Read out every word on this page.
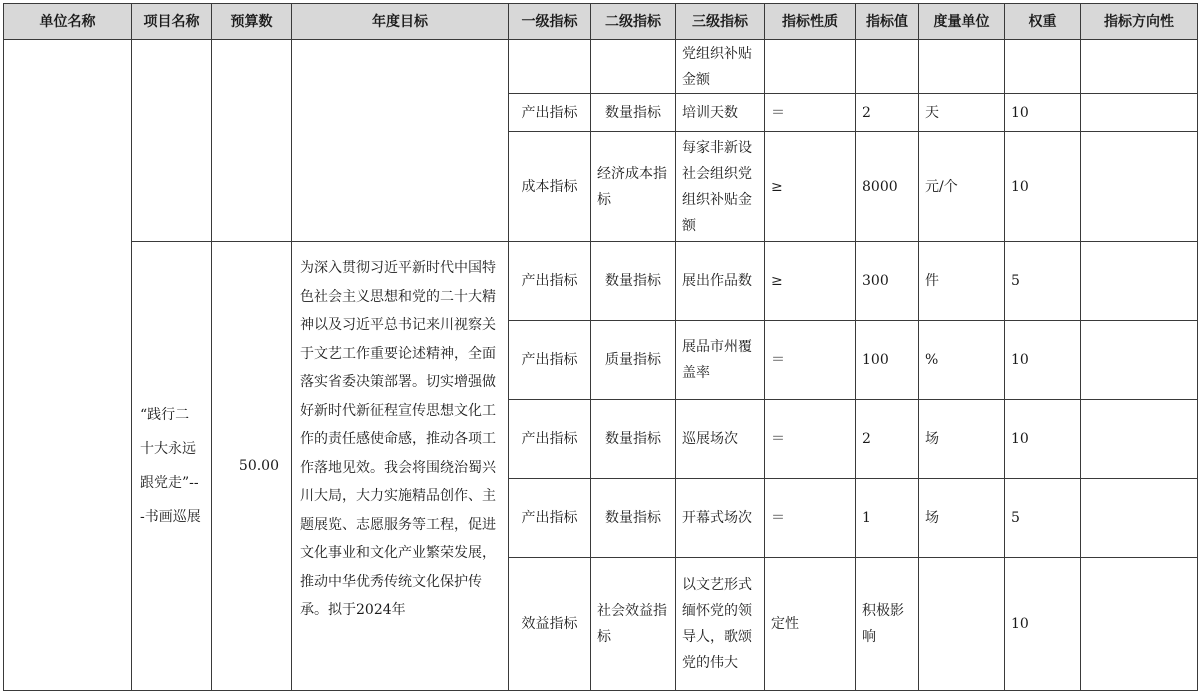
单位名称	项目名称	预算数	年度目标	一级指标	二级指标	三级指标	指标性质	指标值	度量单位	权重	指标方向性
						党组织补贴金额					
				产出指标	数量指标	培训天数	＝	2	天	10	
				成本指标	经济成本指标	每家非新设社会组织党组织补贴金额	≥	8000	元/个	10	
	“践行二十大永远跟党走”---书画巡展	50.00	为深入贯彻习近平新时代中国特色社会主义思想和党的二十大精神以及习近平总书记来川视察关于文艺工作重要论述精神，全面落实省委决策部署。切实增强做好新时代新征程宣传思想文化工作的责任感使命感，推动各项工作落地见效。我会将围绕治蜀兴川大局，大力实施精品创作、主题展览、志愿服务等工程，促进文化事业和文化产业繁荣发展，推动中华优秀传统文化保护传承。拟于2024年	产出指标	数量指标	展出作品数	≥	300	件	5	
				产出指标	质量指标	展品市州覆盖率	＝	100	%	10	
				产出指标	数量指标	巡展场次	＝	2	场	10	
				产出指标	数量指标	开幕式场次	＝	1	场	5	
				效益指标	社会效益指标	以文艺形式缅怀党的领导人，歌颂党的伟大	定性	积极影响		10	
